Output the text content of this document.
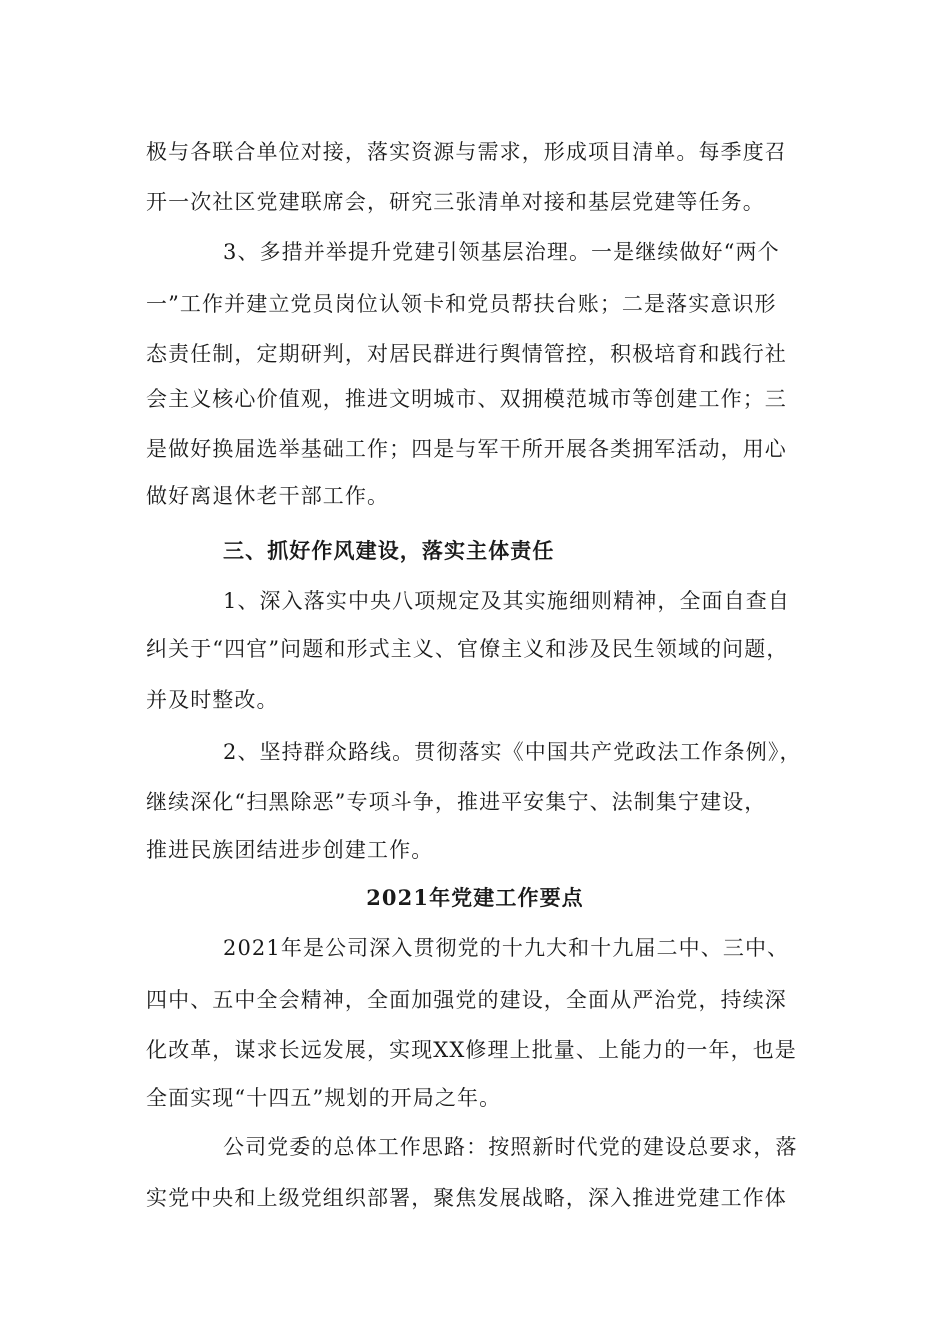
极与各联合单位对接，落实资源与需求，形成项目清单。每季度召
开一次社区党建联席会，研究三张清单对接和基层党建等任务。
3、多措并举提升党建引领基层治理。一是继续做好“两个
一”工作并建立党员岗位认领卡和党员帮扶台账；二是落实意识形
态责任制，定期研判，对居民群进行舆情管控，积极培育和践行社
会主义核心价值观，推进文明城市、双拥模范城市等创建工作；三
是做好换届选举基础工作；四是与军干所开展各类拥军活动，用心
做好离退休老干部工作。
三、抓好作风建设，落实主体责任
1、深入落实中央八项规定及其实施细则精神，全面自查自
纠关于“四官”问题和形式主义、官僚主义和涉及民生领域的问题，
并及时整改。
2、坚持群众路线。贯彻落实《中国共产党政法工作条例》，
继续深化“扫黑除恶”专项斗争，推进平安集宁、法制集宁建设，
推进民族团结进步创建工作。
2021年党建工作要点
2021年是公司深入贯彻党的十九大和十九届二中、三中、
四中、五中全会精神，全面加强党的建设，全面从严治党，持续深
化改革，谋求长远发展，实现XX修理上批量、上能力的一年，也是
全面实现“十四五”规划的开局之年。
公司党委的总体工作思路：按照新时代党的建设总要求，落
实党中央和上级党组织部署，聚焦发展战略，深入推进党建工作体
